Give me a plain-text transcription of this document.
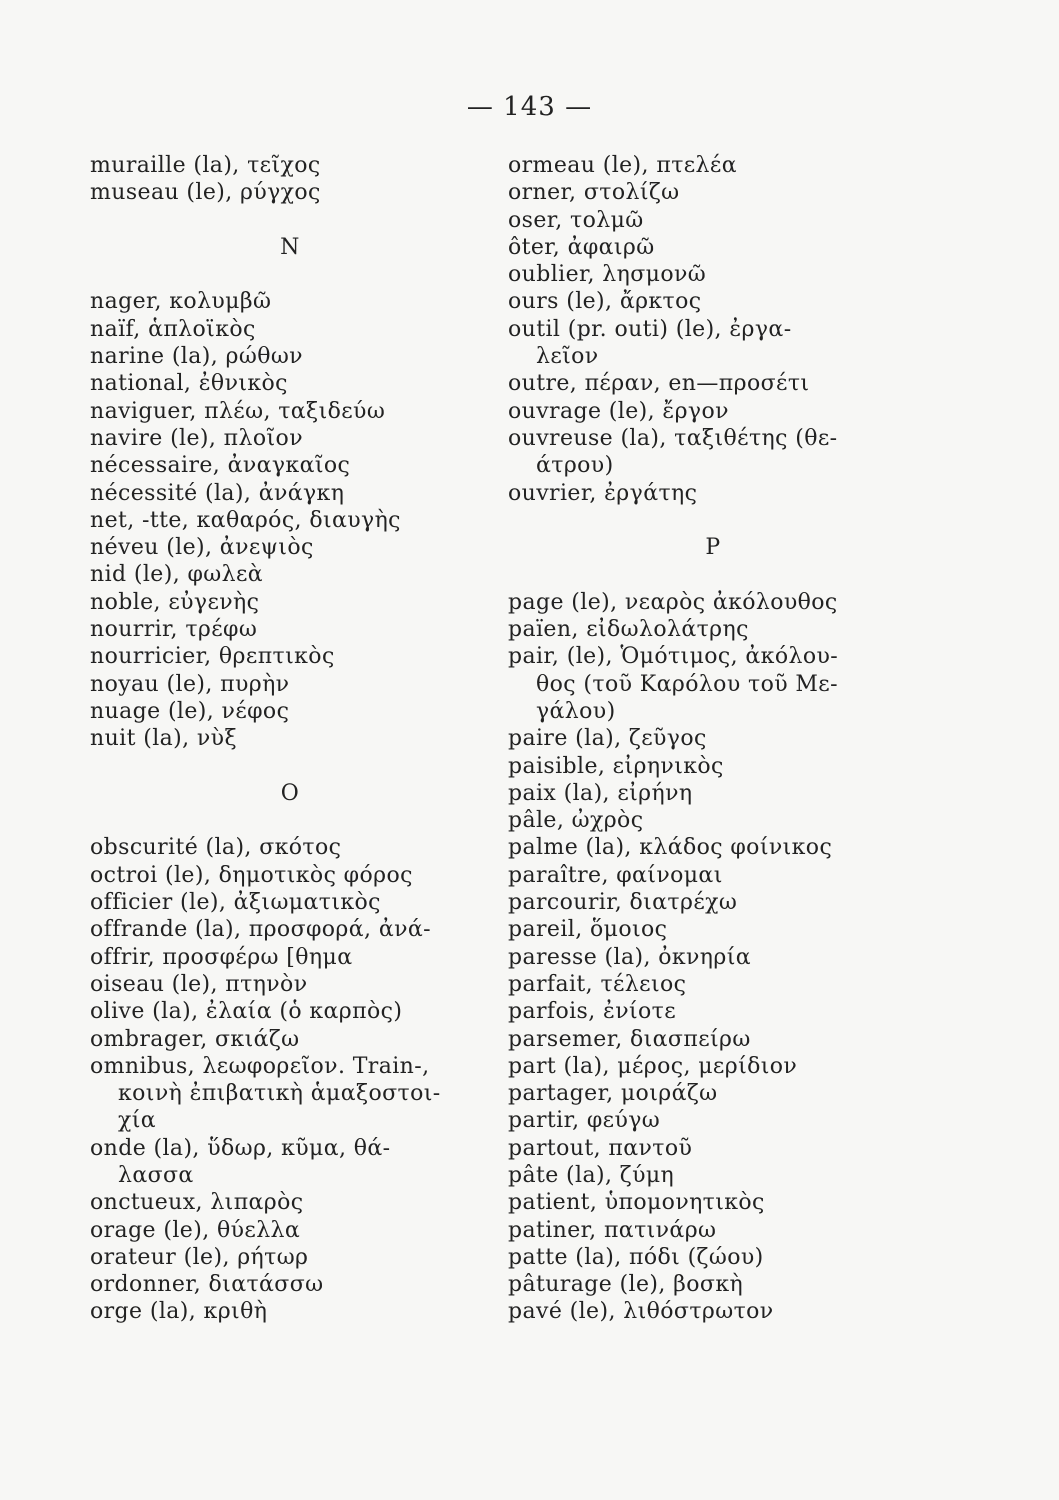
— 143 —
muraille (la), τεῖχος
museau (le), ρύγχος
N
nager, κολυμβῶ
naïf, ἁπλοϊκὸς
narine (la), ρώθων
national, ἐθνικὸς
naviguer, πλέω, ταξιδεύω
navire (le), πλοῖον
nécessaire, ἀναγκαῖος
nécessité (la), ἀνάγκη
net, -tte, καθαρός, διαυγὴς
néveu (le), ἀνεψιὸς
nid (le), φωλεὰ
noble, εὐγενὴς
nourrir, τρέφω
nourricier, θρεπτικὸς
noyau (le), πυρὴν
nuage (le), νέφος
nuit (la), νὺξ
O
obscurité (la), σκότος
octroi (le), δημοτικὸς φόρος
officier (le), ἀξιωματικὸς
offrande (la), προσφορά, ἀνά-
offrir, προσφέρω [θημα
oiseau (le), πτηνὸν
olive (la), ἐλαία (ὁ καρπὸς)
ombrager, σκιάζω
omnibus, λεωφορεῖον. Train-,
κοινὴ ἐπιβατικὴ ἁμαξοστοι-
χία
onde (la), ὕδωρ, κῦμα, θά-
λασσα
onctueux, λιπαρὸς
orage (le), θύελλα
orateur (le), ρήτωρ
ordonner, διατάσσω
orge (la), κριθὴ
ormeau (le), πτελέα
orner, στολίζω
oser, τολμῶ
ôter, ἀφαιρῶ
oublier, λησμονῶ
ours (le), ἄρκτος
outil (pr. outi) (le), ἐργα-
λεῖον
outre, πέραν, en—προσέτι
ouvrage (le), ἔργον
ouvreuse (la), ταξιθέτης (θε-
άτρου)
ouvrier, ἐργάτης
P
page (le), νεαρὸς ἀκόλουθος
païen, εἰδωλολάτρης
pair, (le), Ὁμότιμος, ἀκόλου-
θος (τοῦ Καρόλου τοῦ Με-
γάλου)
paire (la), ζεῦγος
paisible, εἰρηνικὸς
paix (la), εἰρήνη
pâle, ὠχρὸς
palme (la), κλάδος φοίνικος
paraître, φαίνομαι
parcourir, διατρέχω
pareil, ὅμοιος
paresse (la), ὀκνηρία
parfait, τέλειος
parfois, ἐνίοτε
parsemer, διασπείρω
part (la), μέρος, μερίδιον
partager, μοιράζω
partir, φεύγω
partout, παντοῦ
pâte (la), ζύμη
patient, ὑπομονητικὸς
patiner, πατινάρω
patte (la), πόδι (ζώου)
pâturage (le), βοσκὴ
pavé (le), λιθόστρωτον
